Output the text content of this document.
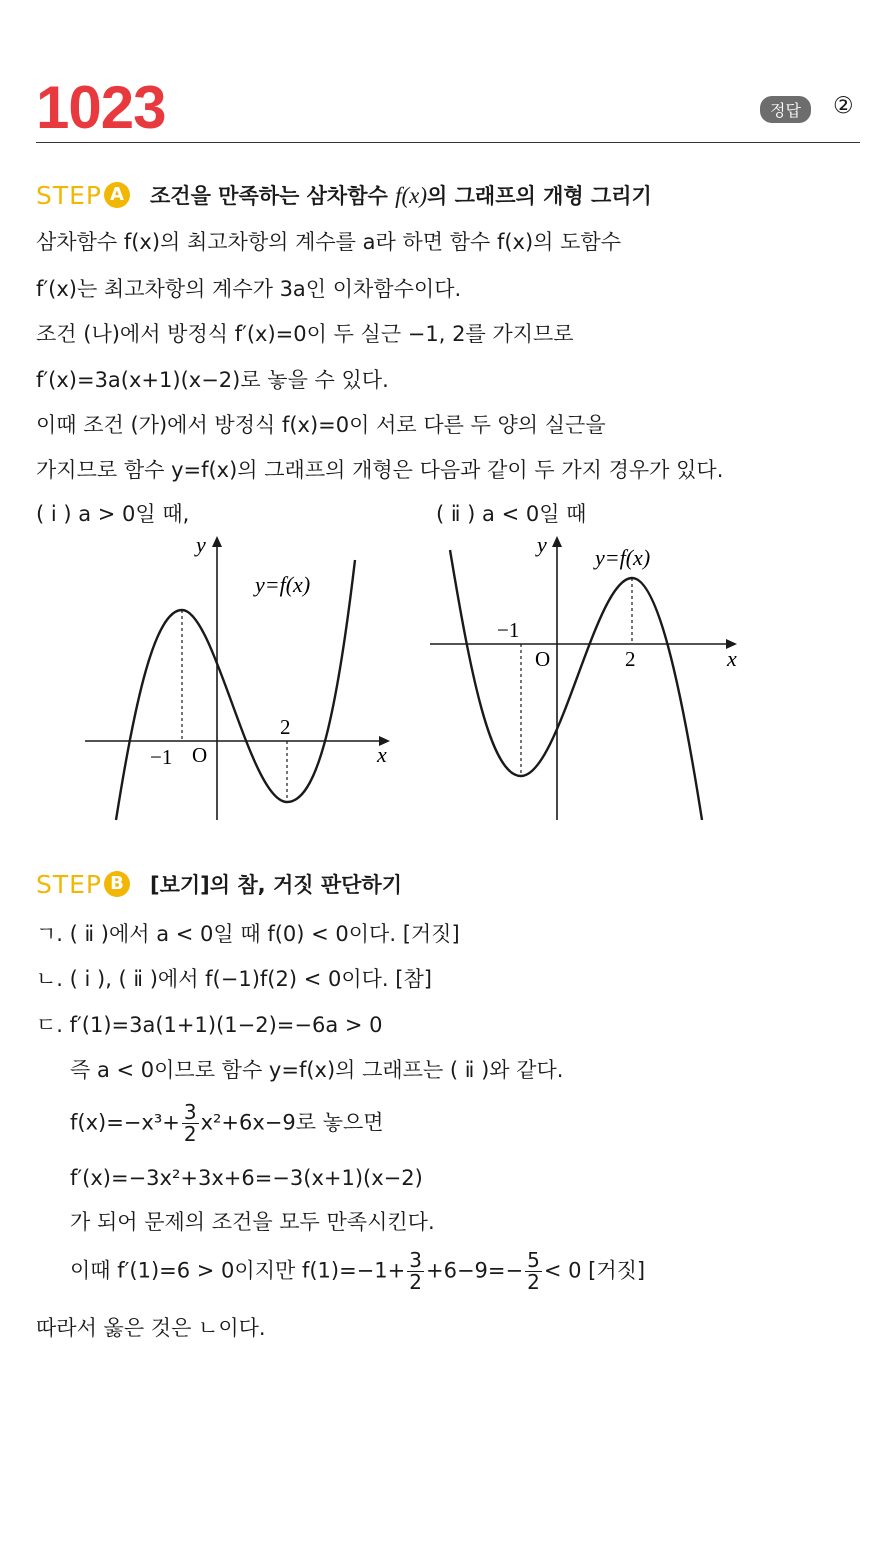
1023	정답	②
STEP A 조건을 만족하는 삼차함수 f(x)의 그래프의 개형 그리기
삼차함수 f(x)의 최고차항의 계수를 a라 하면 함수 f(x)의 도함수
f′(x)는 최고차항의 계수가 3a인 이차함수이다.
조건 (나)에서 방정식 f′(x)=0이 두 실근 −1, 2를 가지므로
f′(x)=3a(x+1)(x−2)로 놓을 수 있다.
이때 조건 (가)에서 방정식 f(x)=0이 서로 다른 두 양의 실근을
가지므로 함수 y=f(x)의 그래프의 개형은 다음과 같이 두 가지 경우가 있다.
( ⅰ ) a > 0일 때,	( ⅱ ) a < 0일 때
y
x
O
−1
2
y=f(x)
y
x
O
−1
2
y=f(x)
STEP B [보기]의 참, 거짓 판단하기
ㄱ. ( ⅱ )에서 a < 0일 때 f(0) < 0이다. [거짓]
ㄴ. ( ⅰ ), ( ⅱ )에서 f(−1)f(2) < 0이다. [참]
ㄷ. f′(1)=3a(1+1)(1−2)=−6a > 0
즉 a < 0이므로 함수 y=f(x)의 그래프는 ( ⅱ )와 같다.
$f(x)=-x^3+ \frac{3}{2} x^2+6x-9$로 놓으면
f′(x)=−3x²+3x+6=−3(x+1)(x−2)
가 되어 문제의 조건을 모두 만족시킨다.
이때 f′(1)=6 > 0이지만 $f(1)=-1+ \frac{3}{2} +6-9=- \frac{5}{2} < 0$ [거짓]
따라서 옳은 것은 ㄴ이다.
